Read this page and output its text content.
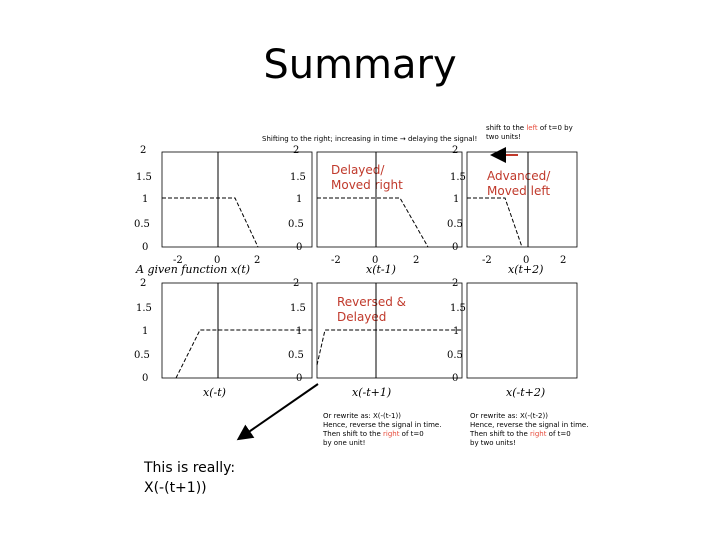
Summary
Shifting to the right; increasing in time → delaying the signal!
shift to the left of t=0 by two units!
Delayed/
Moved right
Advanced/
Moved left
Reversed &
Delayed
Or rewrite as: X(-(t-1))
Hence, reverse the signal in time.
Then shift to the right of t=0
by one unit!
Or rewrite as: X(-(t-2))
Hence, reverse the signal in time.
Then shift to the right of t=0
by two units!
This is really:
X(-(t+1))
2
1.5
1
0.5
0
-2	0	2
A given function x(t)
2
1.5
1
0.5
0
-2	0	2
2
1.5
1
0.5
0
x(t-1)
-2	0	2
x(t+2)
2
1.5
1
0.5
0
x(-t)
2
1.5
1
0.5
0
2
1.5
1
0.5
0
x(-t+1)	x(-t+2)
